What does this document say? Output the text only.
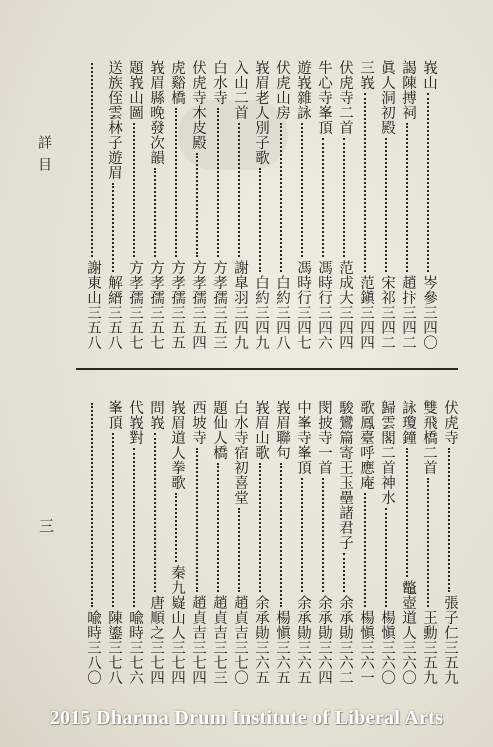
詳目
三
峩山
岑參三四〇
謁陳搏祠
趙抃三四二
眞人洞初殿
宋祁三四二
三峩
范鎭三四四
伏虎寺二首
范成大三四四
牛心寺峯頂
馮時行三四六
遊峩雜詠
馮時行三四七
伏虎山房
白約三四八
峩眉老人別子歌
白約三四九
入山二首
謝皐羽三四九
白水寺
方孝孺三五三
伏虎寺木皮殿
方孝孺三五四
虎谿橋
方孝孺三五五
峩眉縣晚發次韻
方孝孺三五七
題峩山圖
方孝孺三五七
送族侄雲林子遊眉
解縉三五八
謝東山三五八
伏虎寺
張子仁三五九
雙飛橋二首
王勳三五九
詠瓊鐘
鼈壺道人三六〇
歸雲閣二首神水
楊愼三六〇
歌鳳臺呼應庵
楊愼三六一
駿鸞篇寄王玉壘諸君子
余承勛三六二
閔披寺一首
余承勛三六四
中峯寺峯頂
余承勛三六五
峩眉聯句
楊愼三六五
峩眉山歌
余承勛三六五
白水寺宿初喜堂
趙貞吉三七〇
題仙人橋
趙貞吉三七三
西坡寺
趙貞吉三七四
峩眉道人拳歌
秦九嶷山人三七四
問峩
唐順之三七四
代峩對
喩時三七六
峯頂
陳鎏三七八
喩時三八〇
2015 Dharma Drum Institute of Liberal Arts
